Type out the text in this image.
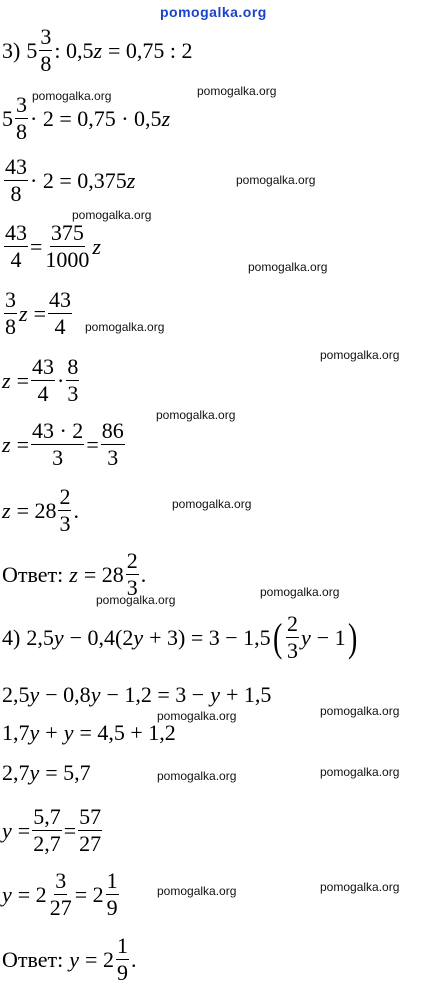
pomogalka.org
pomogalka.org	pomogalka.org
pomogalka.org
pomogalka.org
pomogalka.org
pomogalka.org
pomogalka.org
pomogalka.org
pomogalka.org
pomogalka.org
pomogalka.org
pomogalka.org	pomogalka.org
pomogalka.org	pomogalka.org
pomogalka.org	pomogalka.org
3) $5 \frac{3}{8}$ : 0,5 z = 0,75 : 2
$5 \frac{3}{8} \cdot 2 = 0,75 \cdot 0,5$ z
$\frac{43}{8} \cdot 2 = 0,375$ z
$\frac{43}{4} = \frac{375}{1000}$ z
$\frac{3}{8}$ $z = \frac{43}{4}$
$z = \frac{43}{4} \cdot \frac{8}{3}$
$z = \frac{43 \cdot 2}{3} = \frac{86}{3}$
$z = 28 \frac{2}{3}$ .
Ответ: $z = 28 \frac{2}{3}$ .
4) 2,5 y − 0,4(2 y + 3) = 3 − 1,5 ( $\frac{2}{3}$ y − 1 )
2,5 y − 0,8 y − 1,2 = 3 − y + 1,5
1,7 y + y = 4,5 + 1,2
2,7 y = 5,7
$y = \frac{5,7}{2,7} = \frac{57}{27}$
$y = 2 \frac{3}{27} = 2 \frac{1}{9}$
Ответ: $y = 2 \frac{1}{9}$ .
